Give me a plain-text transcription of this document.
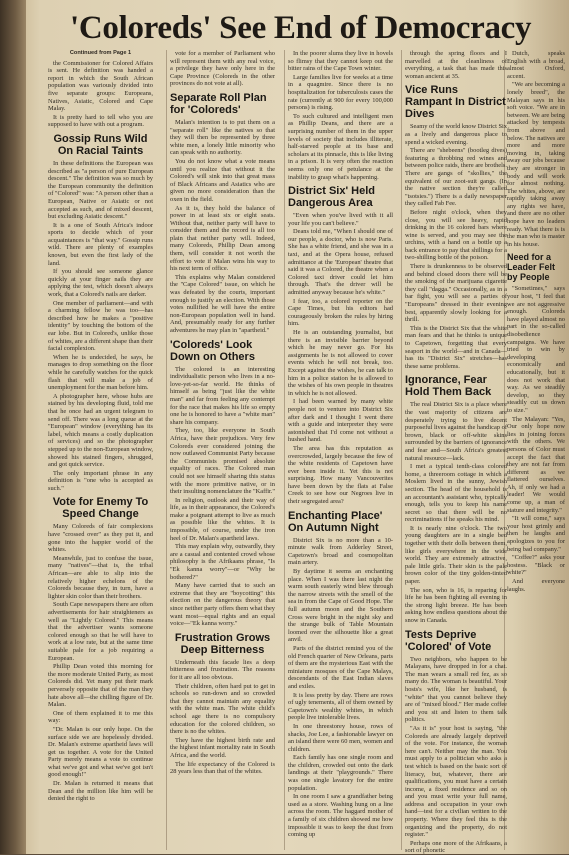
'Coloreds' See End of Democracy
Continued from Page 1

the Commissioner for Colored Affairs is sent. He definition was handed a report in which the South African population was variously divided into five separate groups: Europeans, Natives, Asiatic, Colored and Cape Malay.

It is pretty hard to tell who you are supposed to have with out a program.

Gossip Runs Wild On Racial Taints

In these definitions the European was described as "a person of pure European descent." The definition was so much by the European community the definition of "Colored" was: "A person other than a European, Native or Asiatic or not accepted as such, and of mixed descent, but excluding Asiatic descent."

It is a one of South Africa's indoor sports to decide which of your acquaintances is "that way." Gossip runs wild. There are plenty of examples known, but even the first lady of the land.

If you should see someone glance quickly at your finger nails they are applying the test, which doesn't always work, that a Colored's nails are darker.

One member of parliament—and with a charming fellow he was too—has described how he makes a "positive identity" by touching the bottom of the ear lobe. But in Colored's, unlike those of whites, are a different shape than their facial complexion.

When he is undecided, he says, he manages to drop something on the floor while he carefully watches for the quick flash that will make a job of unemployment for the man before him.

A photographer here, whose hubs are stained by his developing fluid, told me that he once had an urgent telegram to send off. There was a long queue at the "European" window (everything has its label, which means a costly duplication of services) and so the photographer stepped up to the non-European window, showed his stained fingers, shrugged, and got quick service.

The only important phrase in any definition is "one who is accepted as such."

Vote for Enemy To Speed Change

Many Coloreds of fair complexions have "crossed over" as they put it, and gone into the happier world of the whites.

Meanwhile, just to confuse the issue, many "natives"—that is, the tribal African—are able to slip into the relatively higher echelons of the Coloreds because they, in turn, have a lighter skin color than their brothers.

South Cape newspapers there are often advertisements for hair straighteners as well as "Lightly Colored." This means that the advertiser wants someone colored enough so that he will have to work at a low rate, but at the same time suitable pale for a job requiring a European.

Phillip Dean voted this morning for the more moderate United Party, as most Coloreds did. Yet many put their mark perversely opposite that of the man they hate above all—the chilling figure of Dr. Malan.

One of them explained it to me this way:

"Dr. Malan is our only hope. On the surface side we are hopelessly divided. Dr. Malan's extreme apartheid laws will get us together. A vote for the United Party merely means a vote to continue what we've got and what we've got isn't good enough!"

Dr. Malan is returned it means that Dean and the million like him will be denied the right to

vote for a member of Parliament who will represent them with any real voice, a privilege they have only here in the Cape Province (Coloreds in the other provinces do not vote at all).

Separate Roll Plan for 'Coloreds'

Malan's intention is to put them on a "separate roll" like the natives so that they will then be represented by three white men, a lonely little minority who can speak with no authority.

You do not know what a vote means until you realize that without it the Colored's will sink into that great mass of Black Africans and Asiatics who are given no more consideration than the oxen in the field.

As it is, they hold the balance of power in at least six or eight seats. Without that, neither party will have to consider them and the record is all too plain that neither party will. Indeed, many Coloreds, Phillip Dean among them, will consider it not worth the effort to vote if Malan wins his way to his next term of office.

This explains why Malan considered the "Cape Colored" issue, on which he was defeated by the courts, important enough to justify an election. With those votes nullified he will have the entire non-European population well in hand. And, presumably ready for any further adventures he may plan in "apartheid."

'Coloreds' Look Down on Others

The colored is an interesting individualistic person who lives in a no-love-yet-so-far world. He thinks of himself as being "just like the white man" and far from feeling any contempt for the race that makes his life so empty one he is honored to have a "white man" share his company.

They, too, like everyone in South Africa, have their prejudices. Very few Coloreds ever considered joining the now outlawed Communist Party because the Communists promised absolute equality of races. The Colored man could not see himself sharing this status with the more primitive native, or in their insulting nomenclature the "Kaffir."

In religion, outlook and their way of life, as in their appearance, the Colored's make a poignant attempt to live as much as possible like the whites. It is impossible, of course, under the iron heel of Dr. Malan's apartheid laws.

This may explain why, outwardly, they are a casual and contented crowd whose philosophy is the Afrikaans phrase, "Is "Ek kanna worry"—or "Why be bothered?"

Many have carried that to such an extreme that they are "boycotting" this election on the dangerous theory that since neither party offers them what they want most—equal rights and an equal voice—"Ek kanna worry."

Frustration Grows Deep Bitterness

Underneath this facade lies a deep bitterness and frustration. The reasons for it are all too obvious.

Their children, often hard put to get in schools so run-down and so crowded that they cannot maintain any equality with the white man. The white child's school age there is no compulsory education for the colored children, so there is no the whites.

They have the highest birth rate and the highest infant mortality rate in South Africa, and the world.

The life expectancy of the Colored is 28 years less than that of the whites.

In the poorer slums they live in hovels so flimsy that they cannot keep out the bitter rains of the Cape Town winter.

Large families live for weeks at a time in a quagmire. Since there is no hospitalization for tuberculosis cases the rate (currently at 900 for every 100,000 persons) is rising.

To such cultured and intelligent men as Phillip Deans, and there are a surprising number of them in the upper levels of society that includes illiterate, half-starved people at its base and scholars at its pinnacle, this is like living in a prison. It is very often the reaction seems only one of petulance at the inability to grasp what's happening.

District Six' Held Dangerous Area

"Even when you've lived with it all your life you can't believe."

Deans told me, "When I should one of our people, a doctor, who is now Paris. She has a white friend, and she was in a taxi, and at the Opera house, refused admittance at the 'European' theatre that said it was a Colored, the theatre when a Colored taxi driver could let him through. That's the driver will be admitted anyway because he's white."

I fear, too, a colored reporter on the Cape Times, but his editors had courageously broken the rules by hiring him.

He is an outstanding journalist, but there is an invisible barrier beyond which he may never go. For his assignments he is not allowed to cover events which he will not break, too. Except against the wishes, he can talk to him in a police station he is allowed to the wishes of his own people in theatres in which he is not allowed.

I had been warned by many white people not to venture into District Six after dark and I thought I went there with a guide and interpreter they were astonished that I'd come not without a hushed hand.

The area has this reputation as overcrowded, largely because the few of the white residents of Capetown have ever been inside it. Yet this is not surprising. How many Vancouverites have been down by the flats at False Creek to see how our Negroes live in their segregated area?

Enchanting Place' On Autumn Night

District Six is no more than a 10-minute walk from Adderley Street, Capetown's broad and cosmopolitan main artery.

By daytime it seems an enchanting place. When I was there last night the warm south easterly wind blew through the narrow streets with the smell of the sea in from the Cape of Good Hope. The full autumn moon and the Southern Cross were bright in the night sky and the strange bulk of Table Mountain loomed over the silhouette like a great anvil.

Parts of the district remind you of the old French quarter of New Orleans, parts of them are the mysterious East with the miniature mosques of the Cape Malays, descendants of the East Indian slaves and exiles.

It is less pretty by day. There are rows of ugly tenements, all of them owned by Capetown's wealthy whites, in which people live intolerable lives.

In one threestorey house, rows of shacks, Joe Lee, a fashionable lawyer on an island there were 60 men, women and children.

Each family has one single room and the children, crowded out onto the dark landings at their "playgrounds." There was one single lavatory for the entire population.

In one room I saw a grandfather being used as a store. Washing hung on a line across the room. The haggard mother of a family of six children showed me how impossible it was to keep the dust from coming up

through the spring floors and I marvelled at the cleanliness of everything, a task that has made this woman ancient at 35.

Vice Runs Rampant In District Dives

Seamy of the world know District Six as a lively and dangerous place to spend a wicked evening.

There are "shebeens" (bootleg dives) featuring a throbbing red wines and between police raids, there are brothels. There are gangs of "skollies," the equivalent of our zoot-suit gangs. (In the native section they're called "tsotsies.") There is a daily newspaper they called Fab Fee.

Before night o'clock, when they close, you will see heavy, rapid drinking in the 16 colored bars where wine is served, and you may see the urchins, with a hand on a bottle up a back entrance to pay that shillings for a two-shilling bottle of the poison.

There is drunkenness to be observed and behind closed doors there will be the smoking of the marijuana cigarette they call "dagga." Occasionally, as in a bar fight, you will see a parties of "Europeans" dressed in their evening best, apparently slowly looking for a thrill.

This is the District Six that the white man fears and that he thinks is unique to Capetown, forgetting that every seaport in the world—and in Canada—has its "District Six" stretches—has these same problems.

Ignorance, Fear Hold Them Back

The real District Six is a place where the vast majority of citizens are desperately trying to live decent purposeful lives against the handicap of brown, black or off-white skins surrounded by the barriers of ignorance and fear and—South Africa's greatest natural resource—lack.

I met a typical tenth-class colored home, a threeroom cottage in which a Moslem lived in the sunny, Jewish section. The head of the household is an accountant's assistant who, typically enough, tells you to keep his name secret so that there will be no recriminations if he speaks his mind.

It is nearly nine o'clock. The two young daughters are in a single bed together with their dolls between them, like girls everywhere in the wide world. They are extremely attractive, pale little girls. Their skin is the pale brown color of the tiny golden-tinted paper.

The son, who is 16, is reparing for life he has been fighting all evening in the strong light breeze. He has been asking how endless questions about the snow in Canada.

Tests Deprive 'Colored' of Vote

Two neighbors, who happen to be Malayans, have dropped in for a chat. The man wears a small red fez, as so many do. The woman is beautiful. Your hosts's wife, like her husband, is "white" that you cannot believe they are of "mixed blood." Her made coffee and you sit and listen to them talk politics.

"As it is" your host is saying, "the Coloreds are already largely deprived of the vote. For instance, the woman here can't. Neither may the man. You must apply to a politician who asks a test which is based on the basic sort of literacy, but, whatever, there are qualifications, you must have a certain income, a fixed residence and so on and you must write your full name, address and occupation in your own hand—test for a civilian written to the property. Where they feel this is the organizing and the property, do not register."

Perhaps one more of the Afrikaans, a sort of phonetic

Dutch, speaks English with a broad, almost Oxford, accent.

"We are becoming a lonely breed", the Malayan says in his soft voice. "We are in between. We are being attacked by tempests from above and below. The natives are more and more moving in, taking away our jobs because they are stronger in body and will work for almost nothing. The whites, above, are rapidly taking away any rights we have, and there are no other hope have no leaders ready. What there is is the man who is master in his house.

Need for a Leader Felt by People

"Sometimes," says your host, "I feel that we are not aggressive enough. Coloreds have played almost no part in the so-called disobedience campaigns. We have tried to win by developing economically and educationally, but it does not work that way. As we steadily develop, so they steadily cut us down to size."

The Malayan: "Yes, Our only hope now lies in joining forces with the others. We persons of Color must accept the fact that they are not far from different as we flattered ourselves. Ah, if only we had a leader! We would come up, a man of stature and integrity."

"It will come," says your host grimly and then he laughs and apologizes to you for being bad company."

"Coffee?" asks your hostess. "Black or white?"

And everyone laughs.
